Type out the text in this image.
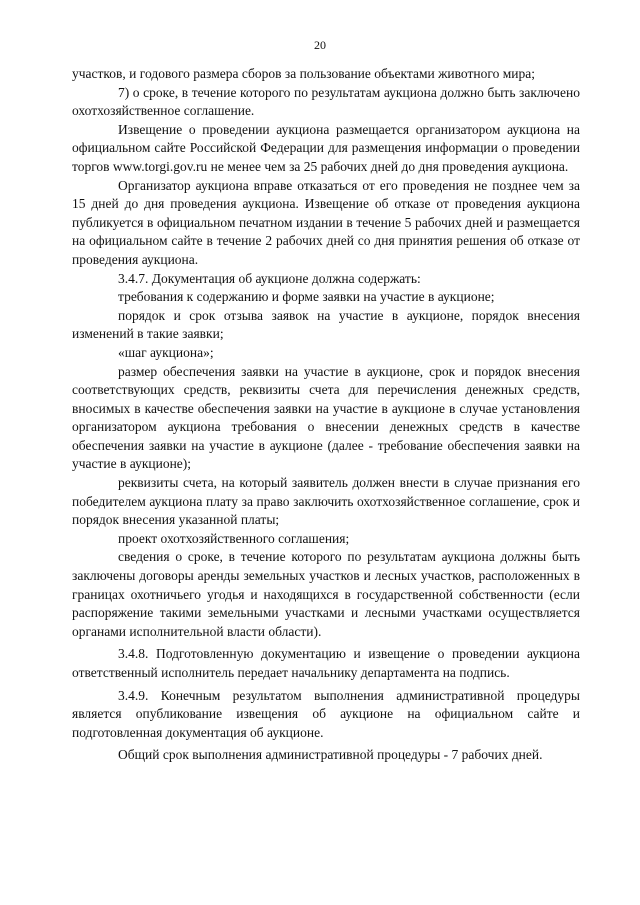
20

участков, и годового размера сборов за пользование объектами животного мира;

7) о сроке, в течение которого по результатам аукциона должно быть заключено охотхозяйственное соглашение.

Извещение о проведении аукциона размещается организатором аукциона на официальном сайте Российской Федерации для размещения информации о проведении торгов www.torgi.gov.ru не менее чем за 25 рабочих дней до дня проведения аукциона.

Организатор аукциона вправе отказаться от его проведения не позднее чем за 15 дней до дня проведения аукциона. Извещение об отказе от проведения аукциона публикуется в официальном печатном издании в течение 5 рабочих дней и размещается на официальном сайте в течение 2 рабочих дней со дня принятия решения об отказе от проведения аукциона.

3.4.7. Документация об аукционе должна содержать:

требования к содержанию и форме заявки на участие в аукционе;

порядок и срок отзыва заявок на участие в аукционе, порядок внесения изменений в такие заявки;

«шаг аукциона»;

размер обеспечения заявки на участие в аукционе, срок и порядок внесения соответствующих средств, реквизиты счета для перечисления денежных средств, вносимых в качестве обеспечения заявки на участие в аукционе в случае установления организатором аукциона требования о внесении денежных средств в качестве обеспечения заявки на участие в аукционе (далее - требование обеспечения заявки на участие в аукционе);

реквизиты счета, на который заявитель должен внести в случае признания его победителем аукциона плату за право заключить охотхозяйственное соглашение, срок и порядок внесения указанной платы;

проект охотхозяйственного соглашения;

сведения о сроке, в течение которого по результатам аукциона должны быть заключены договоры аренды земельных участков и лесных участков, расположенных в границах охотничьего угодья и находящихся в государственной собственности (если распоряжение такими земельными участками и лесными участками осуществляется органами исполнительной власти области).

3.4.8. Подготовленную документацию и извещение о проведении аукциона ответственный исполнитель передает начальнику департамента на подпись.

3.4.9. Конечным результатом выполнения административной процедуры является опубликование извещения об аукционе на официальном сайте и подготовленная документация об аукционе.

Общий срок выполнения административной процедуры - 7 рабочих дней.
